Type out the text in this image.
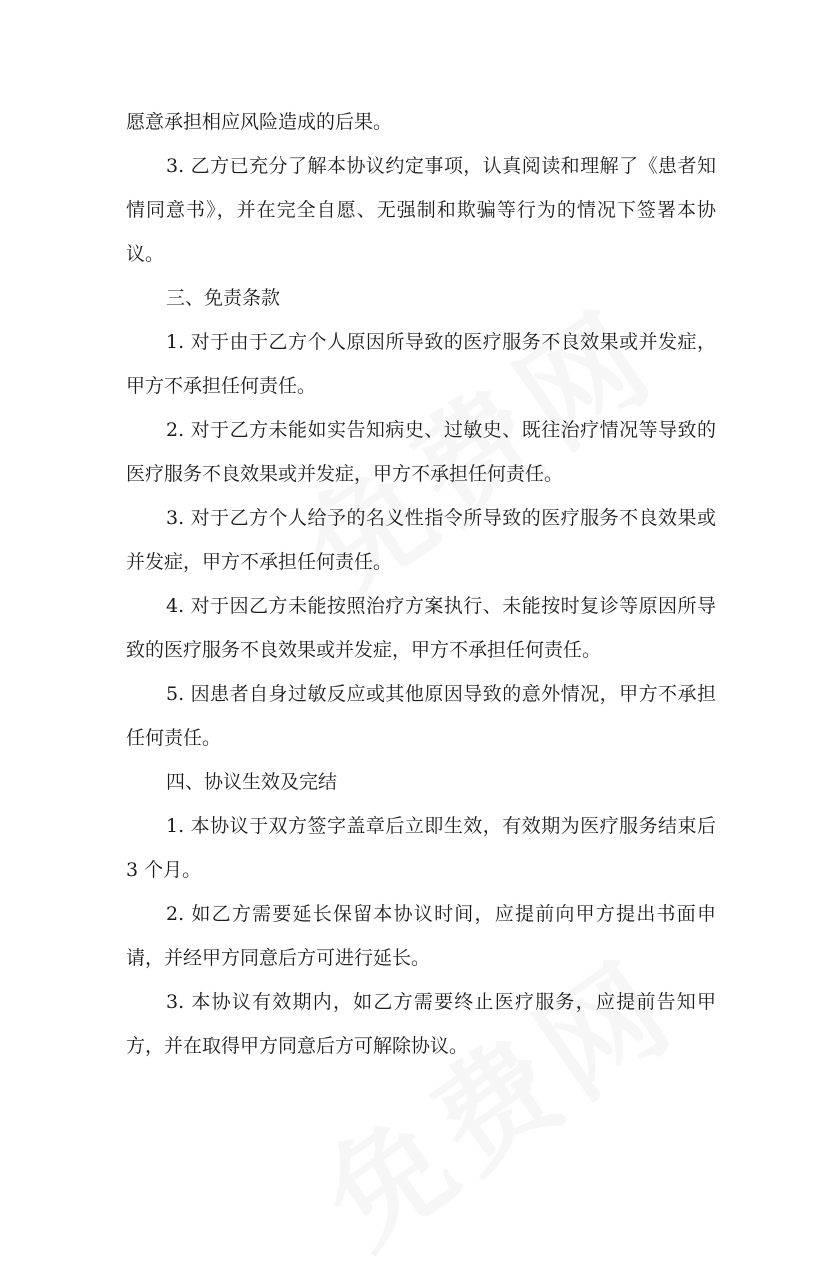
愿意承担相应风险造成的后果。

3. 乙方已充分了解本协议约定事项，认真阅读和理解了《患者知情同意书》，并在完全自愿、无强制和欺骗等行为的情况下签署本协议。

三、免责条款

1. 对于由于乙方个人原因所导致的医疗服务不良效果或并发症，甲方不承担任何责任。

2. 对于乙方未能如实告知病史、过敏史、既往治疗情况等导致的医疗服务不良效果或并发症，甲方不承担任何责任。

3. 对于乙方个人给予的名义性指令所导致的医疗服务不良效果或并发症，甲方不承担任何责任。

4. 对于因乙方未能按照治疗方案执行、未能按时复诊等原因所导致的医疗服务不良效果或并发症，甲方不承担任何责任。

5. 因患者自身过敏反应或其他原因导致的意外情况，甲方不承担任何责任。

四、协议生效及完结

1. 本协议于双方签字盖章后立即生效，有效期为医疗服务结束后 3 个月。

2. 如乙方需要延长保留本协议时间，应提前向甲方提出书面申请，并经甲方同意后方可进行延长。

3. 本协议有效期内，如乙方需要终止医疗服务，应提前告知甲方，并在取得甲方同意后方可解除协议。
